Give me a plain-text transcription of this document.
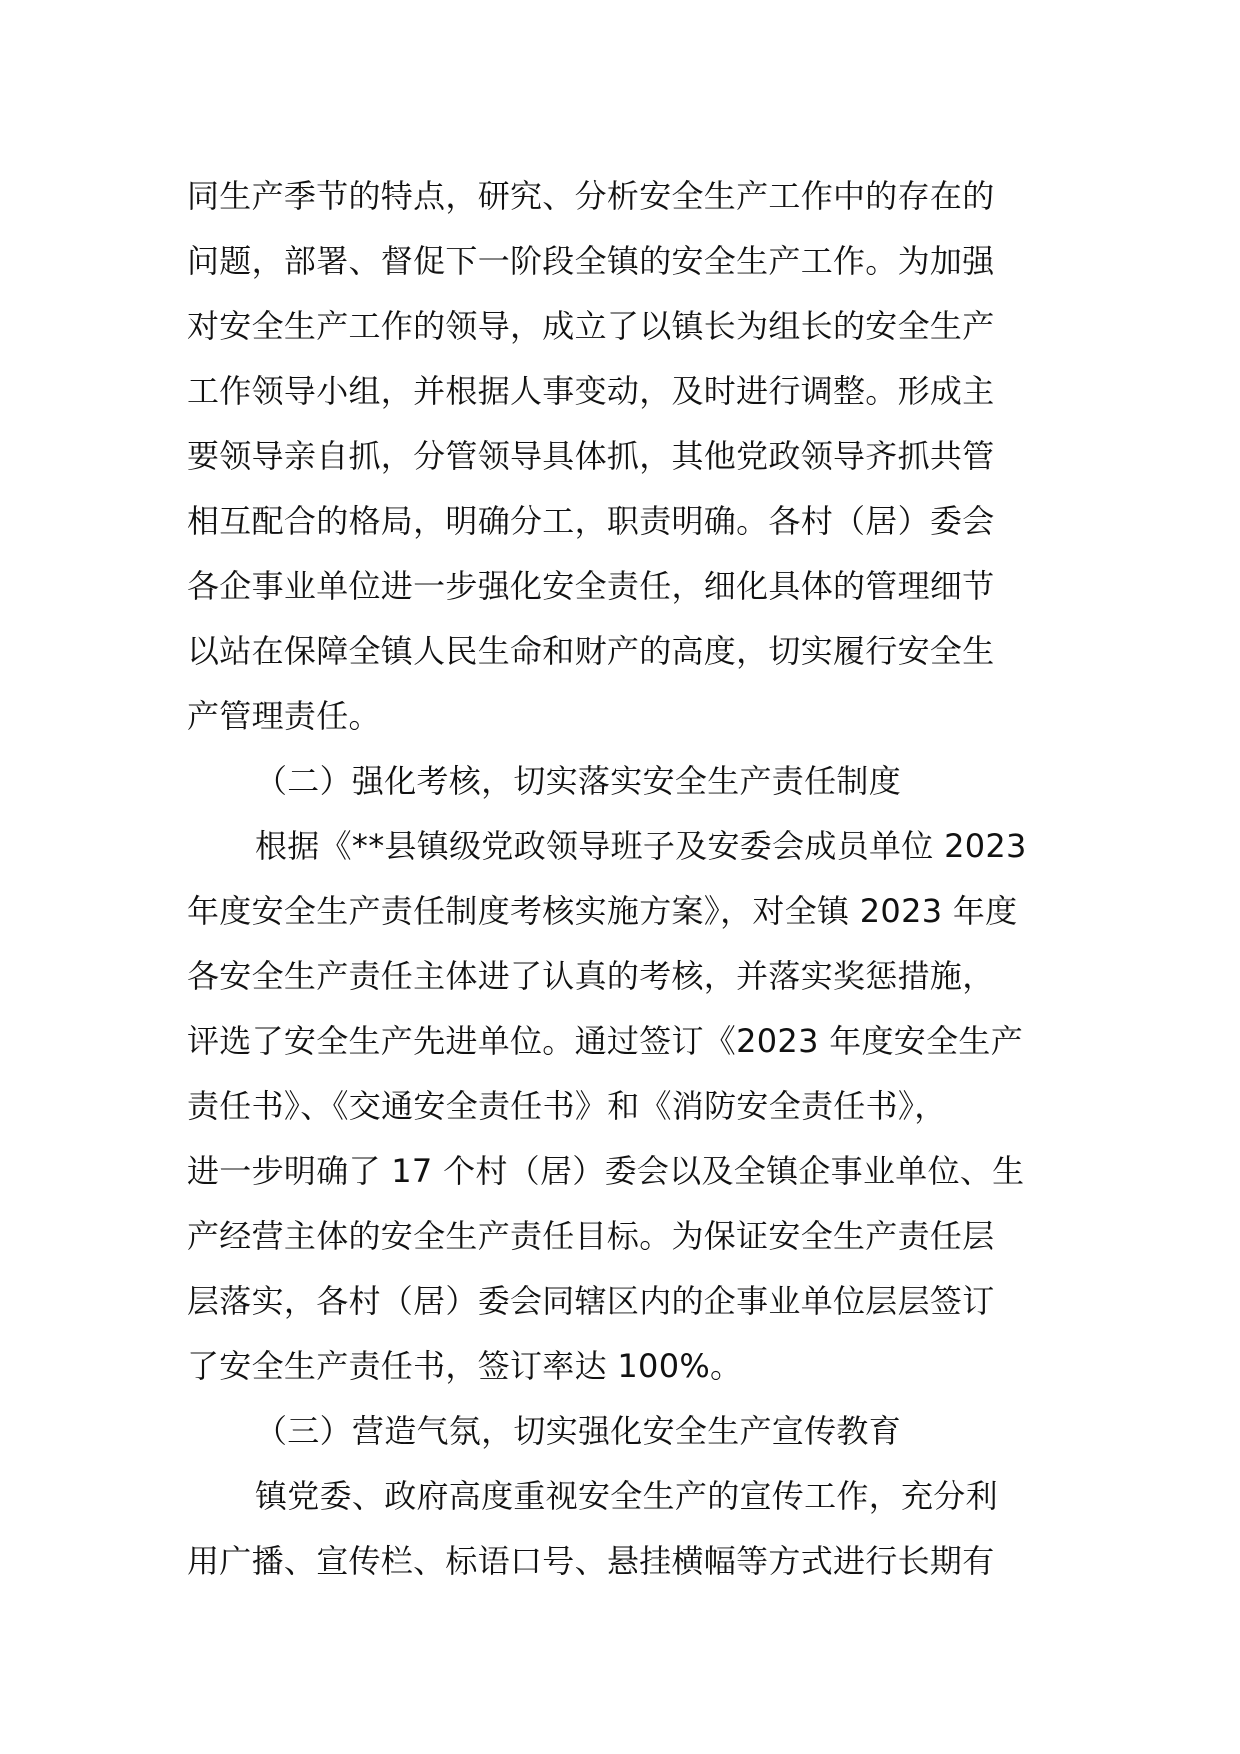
同生产季节的特点，研究、分析安全生产工作中的存在的
问题，部署、督促下一阶段全镇的安全生产工作。为加强
对安全生产工作的领导，成立了以镇长为组长的安全生产
工作领导小组，并根据人事变动，及时进行调整。形成主
要领导亲自抓，分管领导具体抓，其他党政领导齐抓共管
相互配合的格局，明确分工，职责明确。各村（居）委会
各企事业单位进一步强化安全责任，细化具体的管理细节
以站在保障全镇人民生命和财产的高度，切实履行安全生
产管理责任。
（二）强化考核，切实落实安全生产责任制度
根据《**县镇级党政领导班子及安委会成员单位 2023
年度安全生产责任制度考核实施方案》，对全镇 2023 年度
各安全生产责任主体进了认真的考核，并落实奖惩措施，
评选了安全生产先进单位。通过签订《2023 年度安全生产
责任书》、《交通安全责任书》和《消防安全责任书》，
进一步明确了 17 个村（居）委会以及全镇企事业单位、生
产经营主体的安全生产责任目标。为保证安全生产责任层
层落实，各村（居）委会同辖区内的企事业单位层层签订
了安全生产责任书，签订率达 100%。
（三）营造气氛，切实强化安全生产宣传教育
镇党委、政府高度重视安全生产的宣传工作，充分利
用广播、宣传栏、标语口号、悬挂横幅等方式进行长期有
